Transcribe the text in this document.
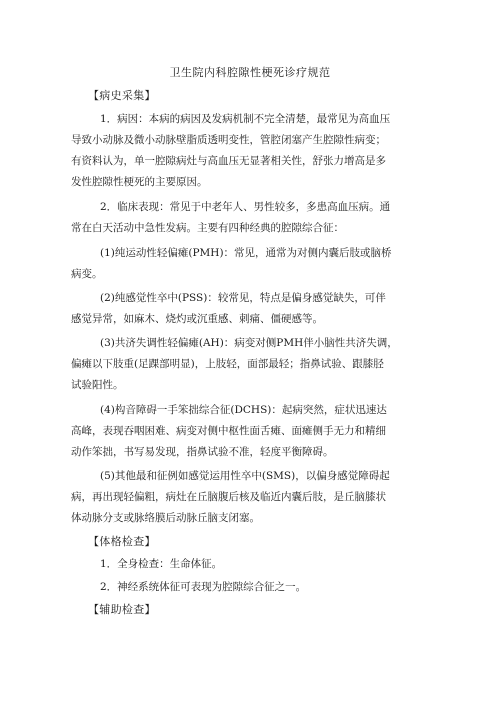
卫生院内科腔隙性梗死诊疗规范
【病史采集】
1．病因：本病的病因及发病机制不完全清楚，最常见为高血压
导致小动脉及微小动脉壁脂质透明变性，管腔闭塞产生腔隙性病变；
有资料认为，单一腔隙病灶与高血压无显著相关性，舒张力增高是多
发性腔隙性梗死的主要原因。
2．临床表现：常见于中老年人、男性较多，多患高血压病。通
常在白天活动中急性发病。主要有四种经典的腔隙综合征：
(1)纯运动性轻偏瘫(PMH)：常见，通常为对侧内囊后肢或脑桥
病变。
(2)纯感觉性卒中(PSS)：较常见，特点是偏身感觉缺失，可伴
感觉异常，如麻木、烧灼或沉重感、刺痛、僵硬感等。
(3)共济失调性轻偏瘫(AH)：病变对侧PMH伴小脑性共济失调，
偏瘫以下肢重(足踝部明显)，上肢轻，面部最轻；指鼻试验、跟膝胫
试验阳性。
(4)构音障碍一手笨拙综合征(DCHS)：起病突然，症状迅速达
高峰，表现吞咽困难、病变对侧中枢性面舌瘫、面瘫侧手无力和精细
动作笨拙，书写易发现，指鼻试验不准，轻度平衡障碍。
(5)其他最和征例如感觉运用性卒中(SMS)，以偏身感觉障碍起
病，再出现轻偏粗，病灶在丘脑腹后核及临近内囊后肢，是丘脑膝状
体动脉分支或脉络膜后动脉丘脑支闭塞。
【体格检查】
1．全身检查：生命体征。
2．神经系统体征可表现为腔隙综合征之一。
【辅助检查】
